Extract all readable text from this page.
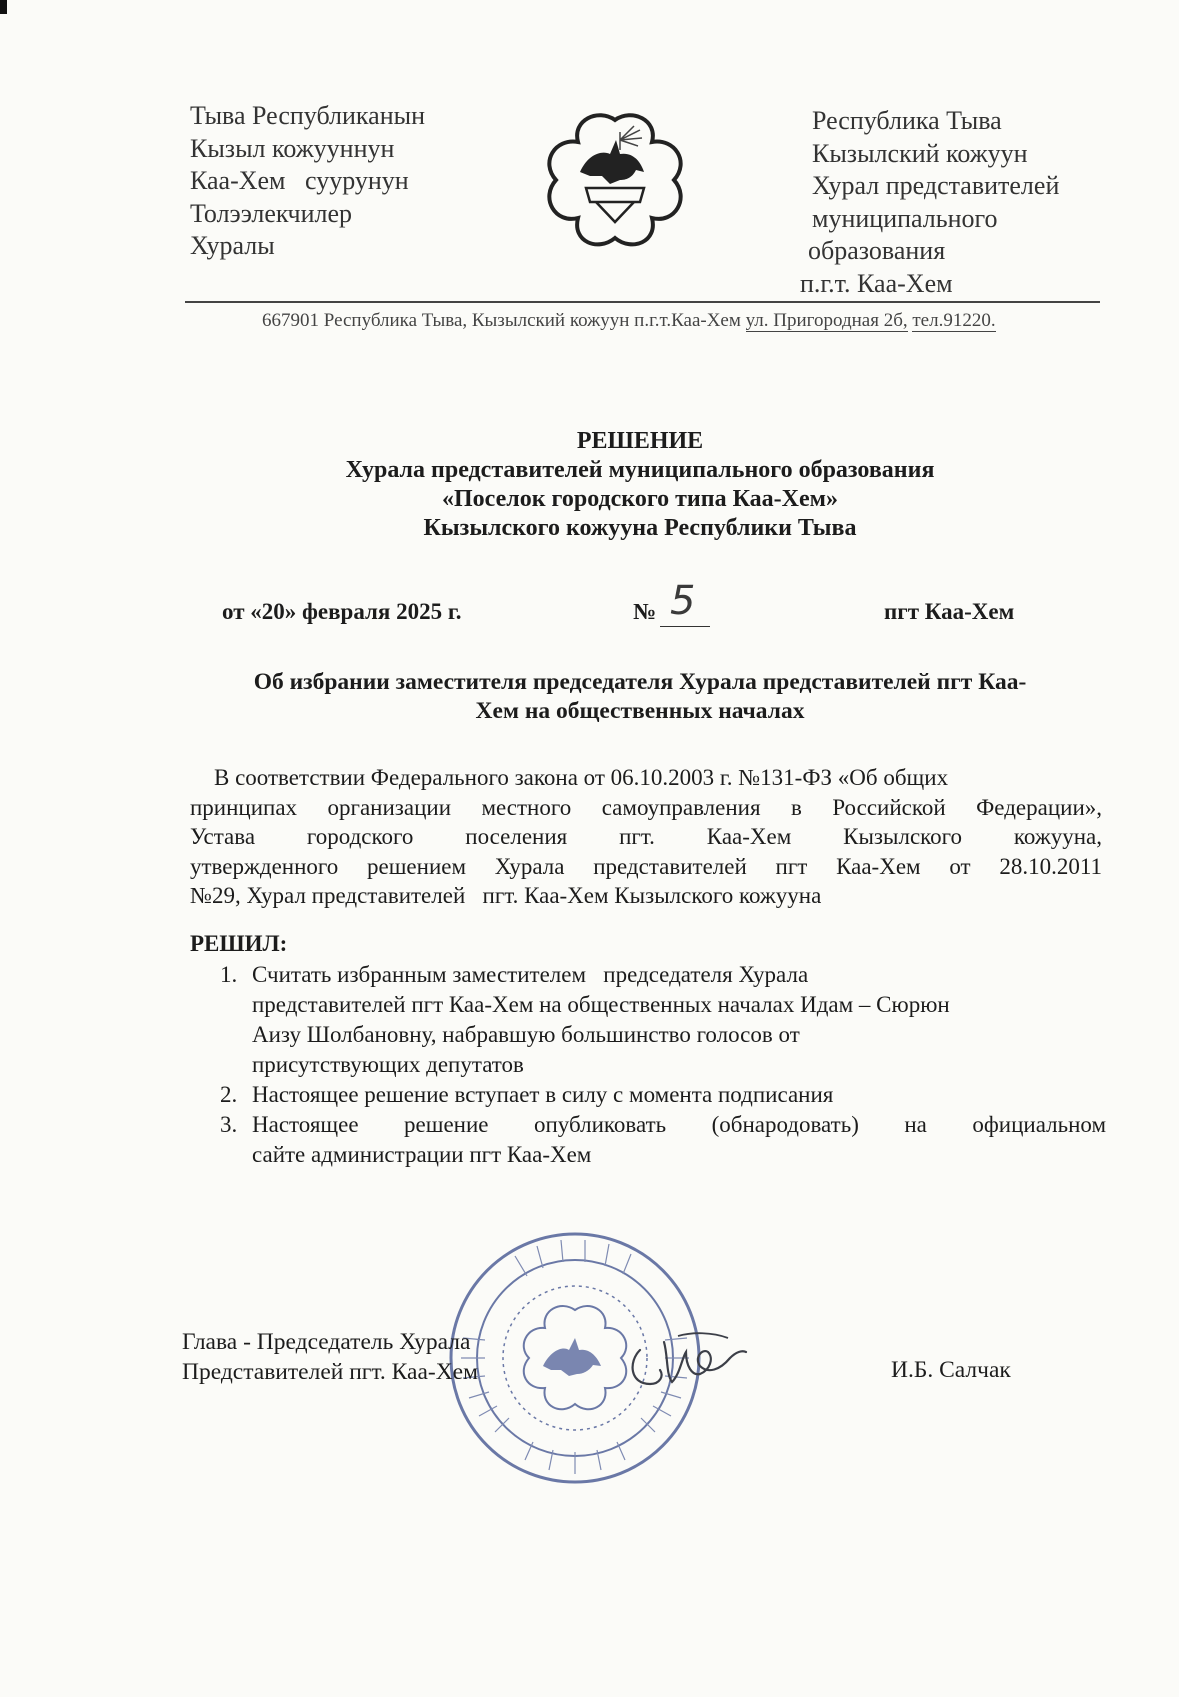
Тыва Республиканын
Кызыл кожууннун
Каа-Хем   суурунун
Толээлекчилер
Хуралы
Республика Тыва
Кызылский кожуун
Хурал представителей
муниципального
образования
п.г.т. Каа-Хем
667901 Республика Тыва, Кызылский кожуун п.г.т.Каа-Хем ул. Пригородная 2б, тел.91220.
РЕШЕНИЕ
Хурала представителей муниципального образования
«Поселок городского типа Каа-Хем»
Кызылского кожууна Республики Тыва
от «20» февраля 2025 г.	№ 5	пгт Каа-Хем
Об избрании заместителя председателя Хурала представителей пгт Каа-
Хем на общественных началах
В соответствии Федерального закона от 06.10.2003 г. №131-ФЗ «Об общих
принципах организации местного самоуправления в Российской Федерации»,
Устава городского поселения пгт. Каа-Хем Кызылского кожууна,
утвержденного решением Хурала представителей пгт Каа-Хем от 28.10.2011
№29, Хурал представителей   пгт. Каа-Хем Кызылского кожууна
РЕШИЛ:
1. Считать избранным заместителем   председателя Хурала
представителей пгт Каа-Хем на общественных началах Идам – Сюрюн
Аизу Шолбановну, набравшую большинство голосов от
присутствующих депутатов
2. Настоящее решение вступает в силу с момента подписания
3. Настоящее решение опубликовать (обнародовать) на официальном
сайте администрации пгт Каа-Хем
Глава - Председатель Хурала
Представителей пгт. Каа-Хем	И.Б. Салчак
